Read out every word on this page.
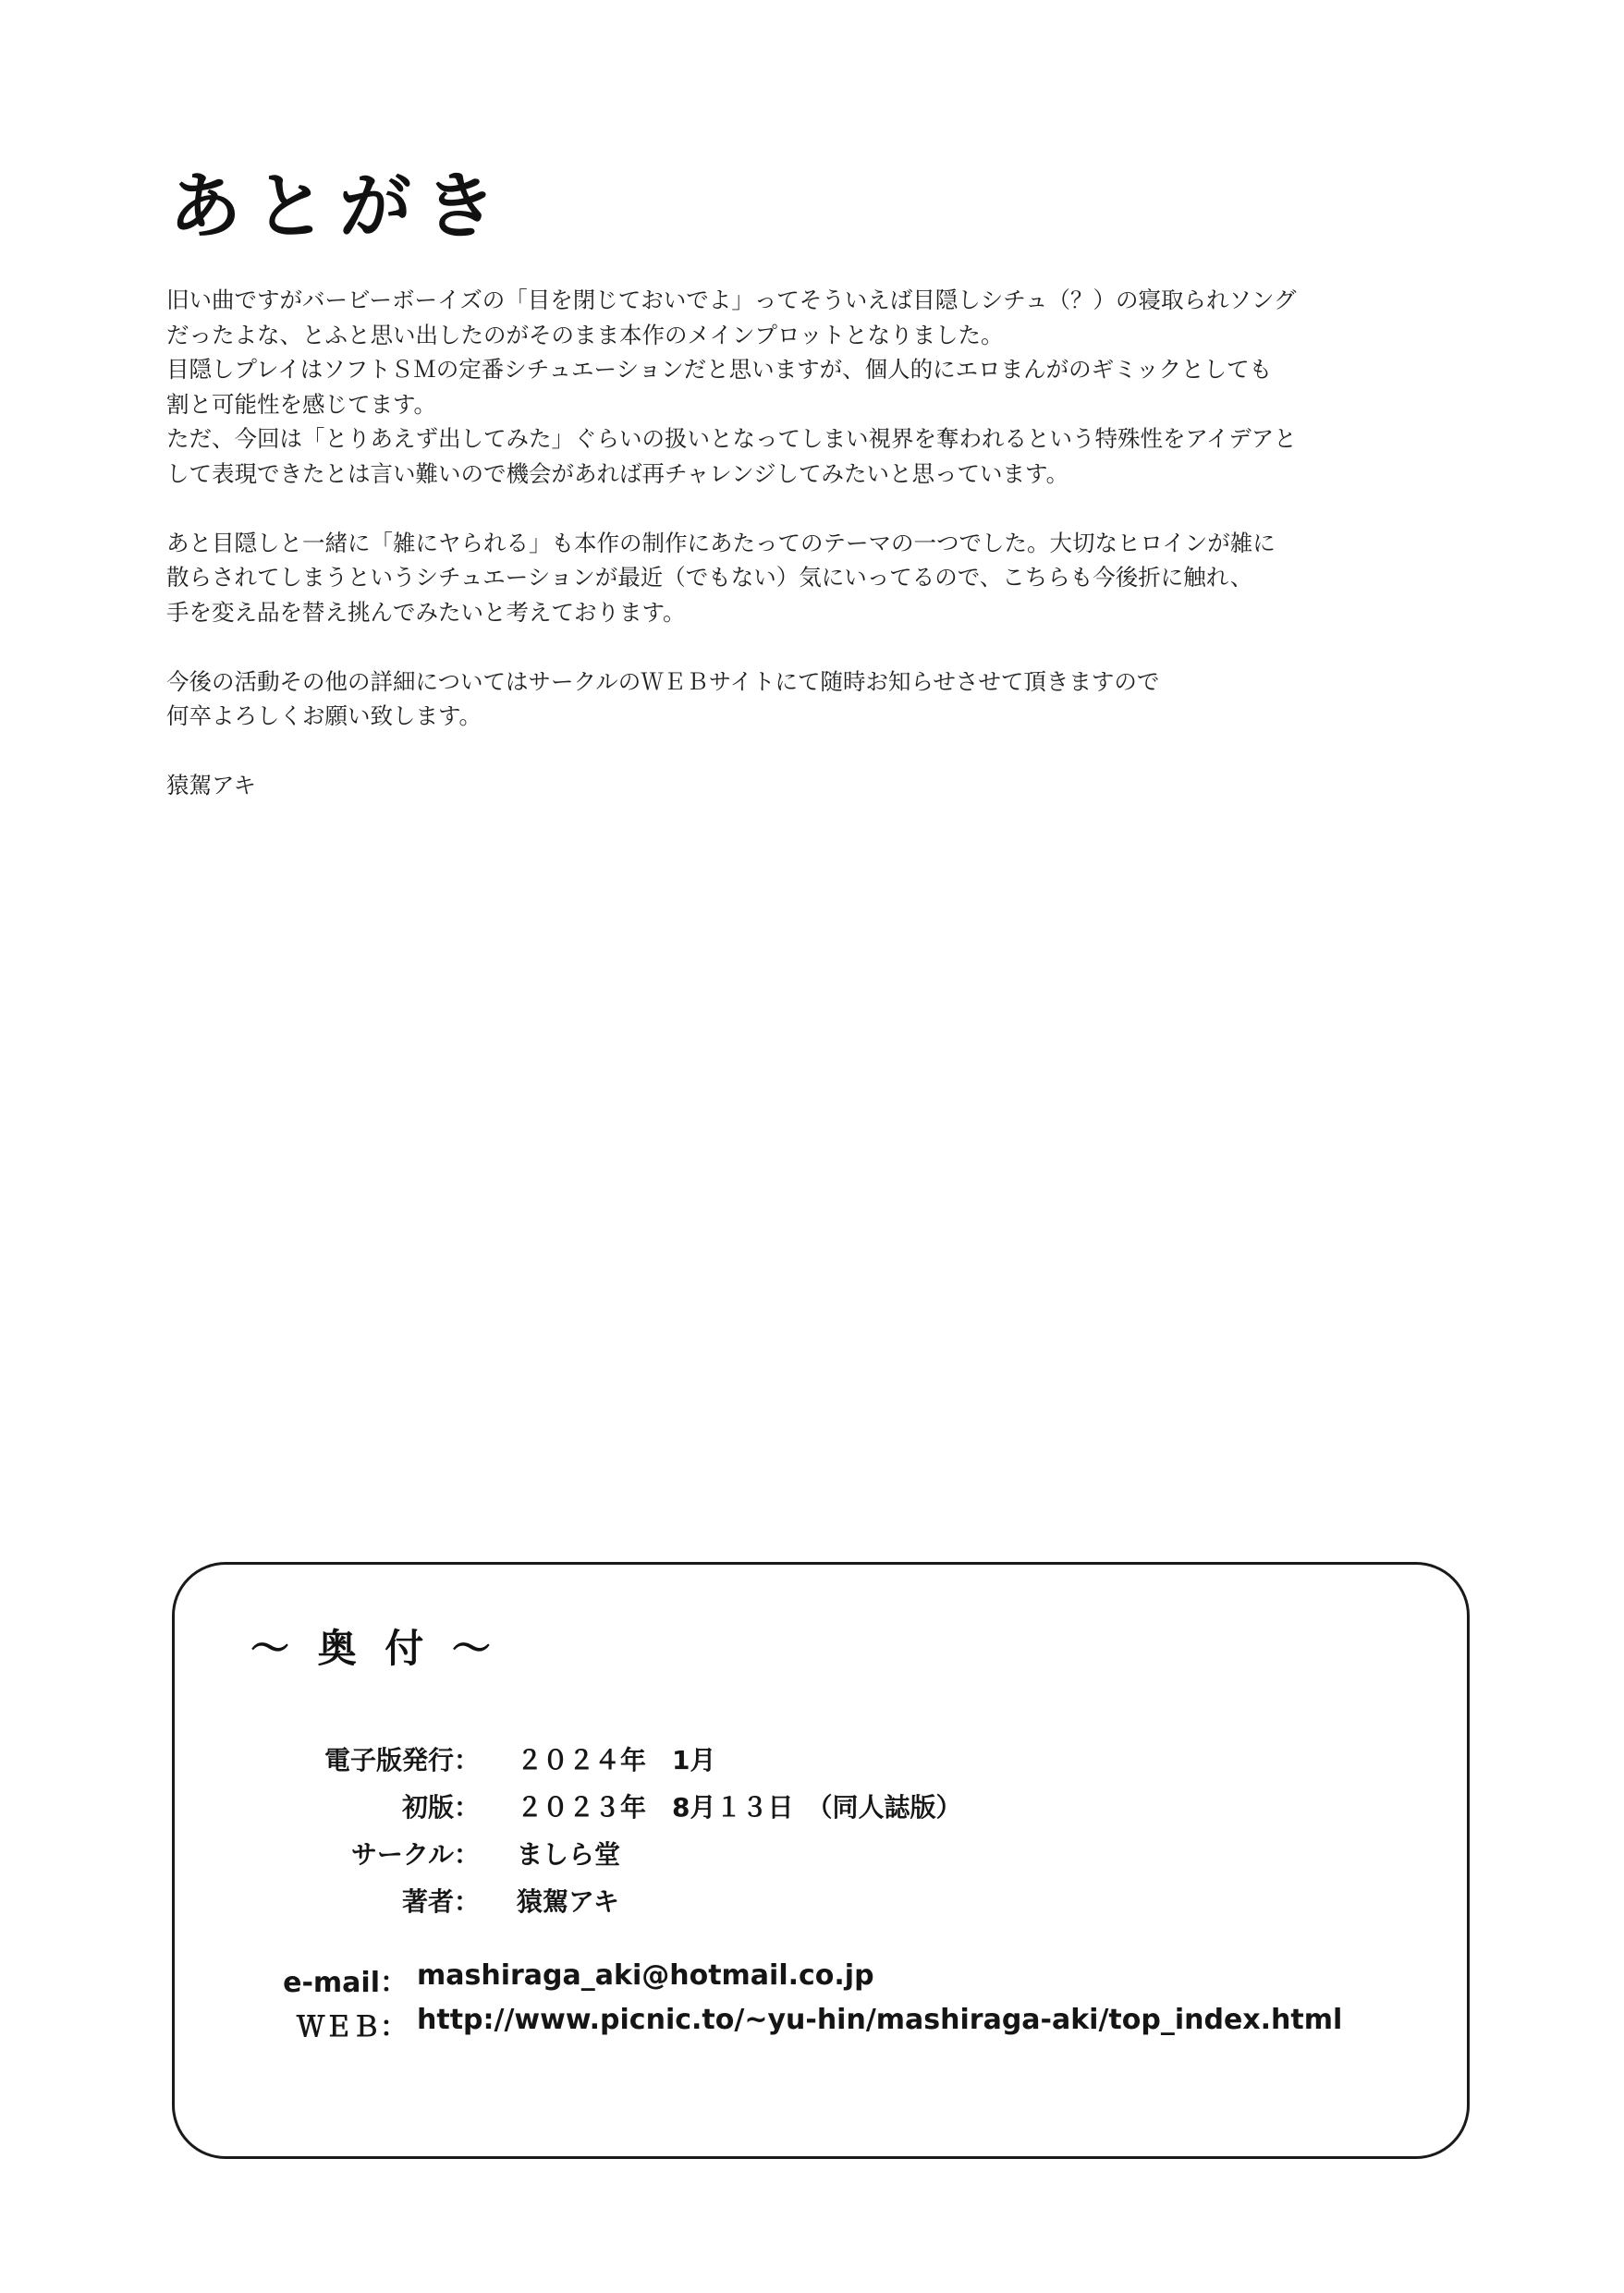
あとがき
旧い曲ですがバービーボーイズの「目を閉じておいでよ」ってそういえば目隠しシチュ（？）の寝取られソング
だったよな、とふと思い出したのがそのまま本作のメインプロットとなりました。
目隠しプレイはソフトＳＭの定番シチュエーションだと思いますが、個人的にエロまんがのギミックとしても
割と可能性を感じてます。
ただ、今回は「とりあえず出してみた」ぐらいの扱いとなってしまい視界を奪われるという特殊性をアイデアと
して表現できたとは言い難いので機会があれば再チャレンジしてみたいと思っています。
あと目隠しと一緒に「雑にヤられる」も本作の制作にあたってのテーマの一つでした。大切なヒロインが雑に
散らされてしまうというシチュエーションが最近（でもない）気にいってるので、こちらも今後折に触れ、
手を変え品を替え挑んでみたいと考えております。
今後の活動その他の詳細についてはサークルのＷＥＢサイトにて随時お知らせさせて頂きますので
何卒よろしくお願い致します。
猿駕アキ
～ 奥 付 ～
電子版発行： ２０２４年　1月
初版： ２０２３年　8月１３日　（同人誌版）
サークル： ましら堂
著者： 猿駕アキ
e-mail： mashiraga_aki@hotmail.co.jp
ＷＥＢ： http://www.picnic.to/~yu-hin/mashiraga-aki/top_index.html
